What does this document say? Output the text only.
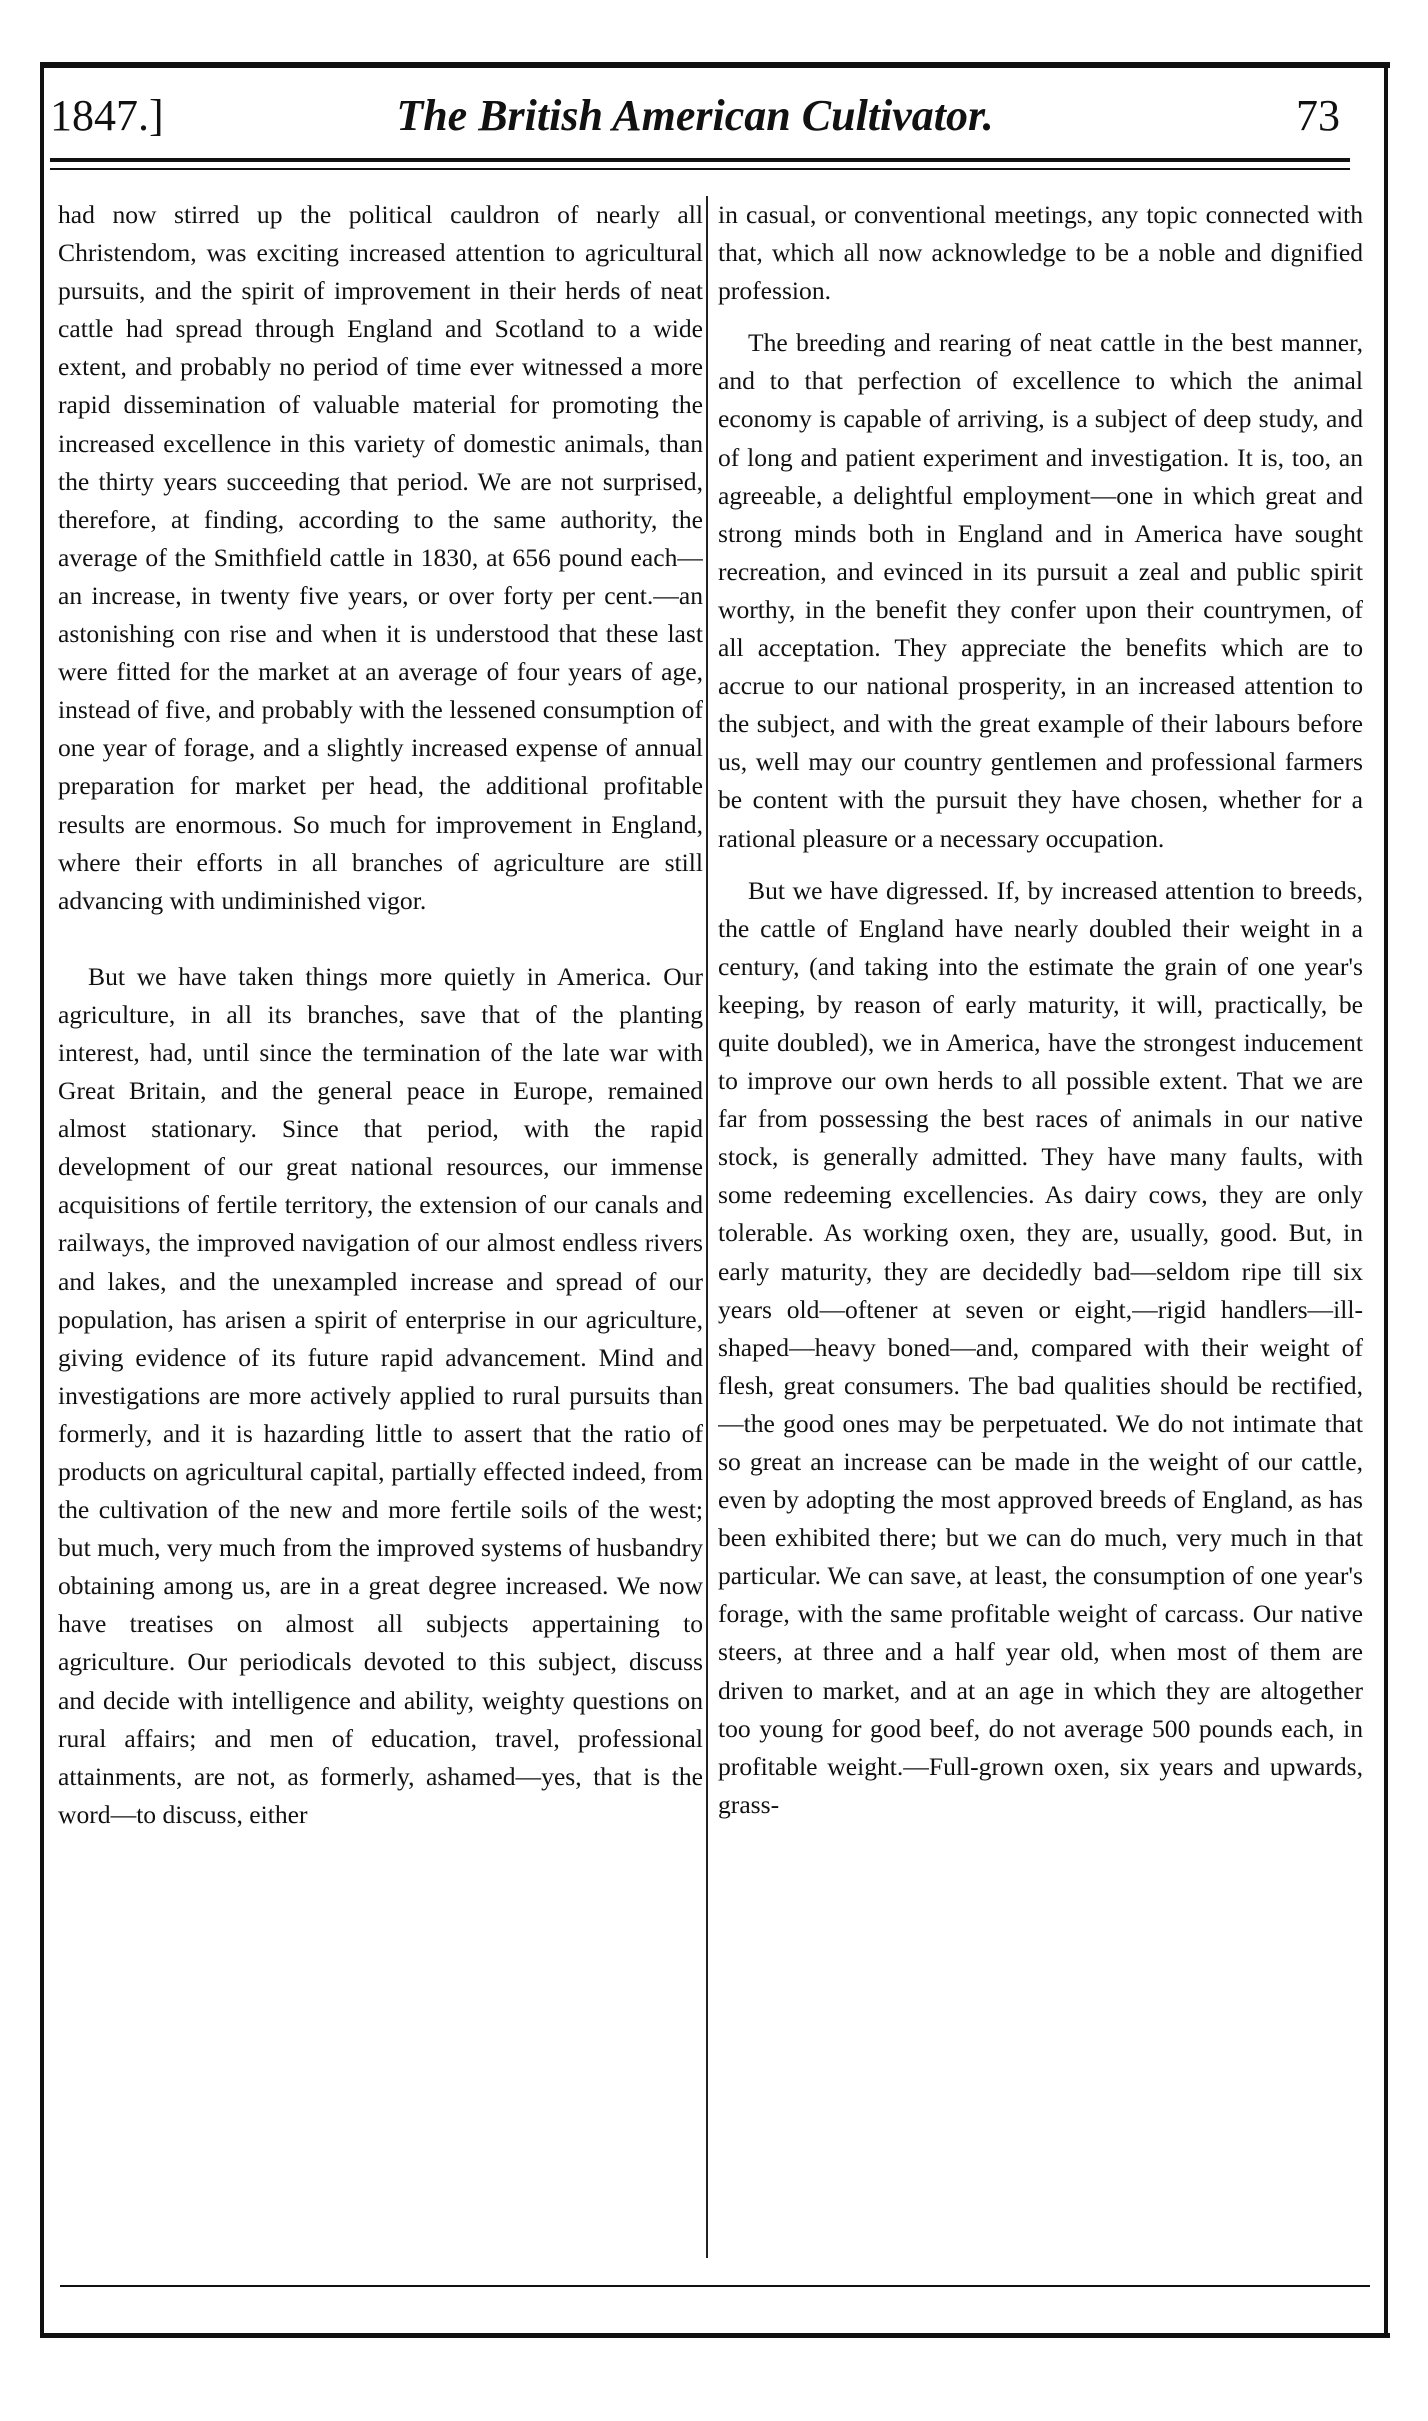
1847.]	The British American Cultivator.	73

had now stirred up the political cauldron of nearly all Christendom, was exciting increased attention to agricultural pursuits, and the spirit of improvement in their herds of neat cattle had spread through England and Scotland to a wide extent, and probably no period of time ever witnessed a more rapid dissemination of valuable material for promoting the increased excellence in this variety of domestic animals, than the thirty years succeeding that period. We are not surprised, therefore, at finding, according to the same authority, the average of the Smithfield cattle in 1830, at 656 pound each—an increase, in twenty five years, or over forty per cent.—an astonishing con rise and when it is understood that these last were fitted for the market at an average of four years of age, instead of five, and probably with the lessened consumption of one year of forage, and a slightly increased expense of annual preparation for market per head, the additional profitable results are enormous. So much for improvement in England, where their efforts in all branches of agriculture are still advancing with undiminished vigor.

But we have taken things more quietly in America. Our agriculture, in all its branches, save that of the planting interest, had, until since the termination of the late war with Great Britain, and the general peace in Europe, remained almost stationary. Since that period, with the rapid development of our great national resources, our immense acquisitions of fertile territory, the extension of our canals and railways, the improved navigation of our almost endless rivers and lakes, and the unexampled increase and spread of our population, has arisen a spirit of enterprise in our agriculture, giving evidence of its future rapid advancement. Mind and investigations are more actively applied to rural pursuits than formerly, and it is hazarding little to assert that the ratio of products on agricultural capital, partially effected indeed, from the cultivation of the new and more fertile soils of the west; but much, very much from the improved systems of husbandry obtaining among us, are in a great degree increased. We now have treatises on almost all subjects appertaining to agriculture. Our periodicals devoted to this subject, discuss and decide with intelligence and ability, weighty questions on rural affairs; and men of education, travel, professional attainments, are not, as formerly, ashamed—yes, that is the word—to discuss, either

in casual, or conventional meetings, any topic connected with that, which all now acknowledge to be a noble and dignified profession.

The breeding and rearing of neat cattle in the best manner, and to that perfection of excellence to which the animal economy is capable of arriving, is a subject of deep study, and of long and patient experiment and investigation. It is, too, an agreeable, a delightful employment—one in which great and strong minds both in England and in America have sought recreation, and evinced in its pursuit a zeal and public spirit worthy, in the benefit they confer upon their countrymen, of all acceptation. They appreciate the benefits which are to accrue to our national prosperity, in an increased attention to the subject, and with the great example of their labours before us, well may our country gentlemen and professional farmers be content with the pursuit they have chosen, whether for a rational pleasure or a necessary occupation.

But we have digressed. If, by increased attention to breeds, the cattle of England have nearly doubled their weight in a century, (and taking into the estimate the grain of one year's keeping, by reason of early maturity, it will, practically, be quite doubled), we in America, have the strongest inducement to improve our own herds to all possible extent. That we are far from possessing the best races of animals in our native stock, is generally admitted. They have many faults, with some redeeming excellencies. As dairy cows, they are only tolerable. As working oxen, they are, usually, good. But, in early maturity, they are decidedly bad—seldom ripe till six years old—oftener at seven or eight,—rigid handlers—ill-shaped—heavy boned—and, compared with their weight of flesh, great consumers. The bad qualities should be rectified,—the good ones may be perpetuated. We do not intimate that so great an increase can be made in the weight of our cattle, even by adopting the most approved breeds of England, as has been exhibited there; but we can do much, very much in that particular. We can save, at least, the consumption of one year's forage, with the same profitable weight of carcass. Our native steers, at three and a half year old, when most of them are driven to market, and at an age in which they are altogether too young for good beef, do not average 500 pounds each, in profitable weight.—Full-grown oxen, six years and upwards, grass-
